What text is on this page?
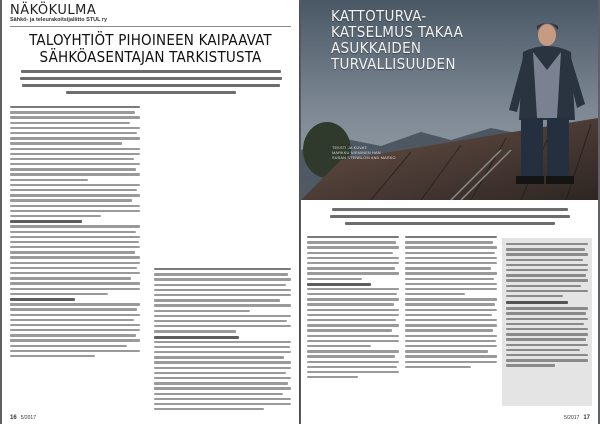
NÄKÖKULMA
Sähkö- ja teleurakoitsijaliitto STUL ry
TALOYHTIÖT PIHOINEEN KAIPAAVAT SÄHKÖASENTAJAN TARKISTUSTA
16 5/2017
KATTOTURVA-KATSELMUS TAKAA ASUKKAIDEN TURVALLISUUDEN
TEKSTI JA KUVAT:
MARKKU NIEMINEN HAN
SUSAN STENBLOM AND MARKO
5/2017 17
